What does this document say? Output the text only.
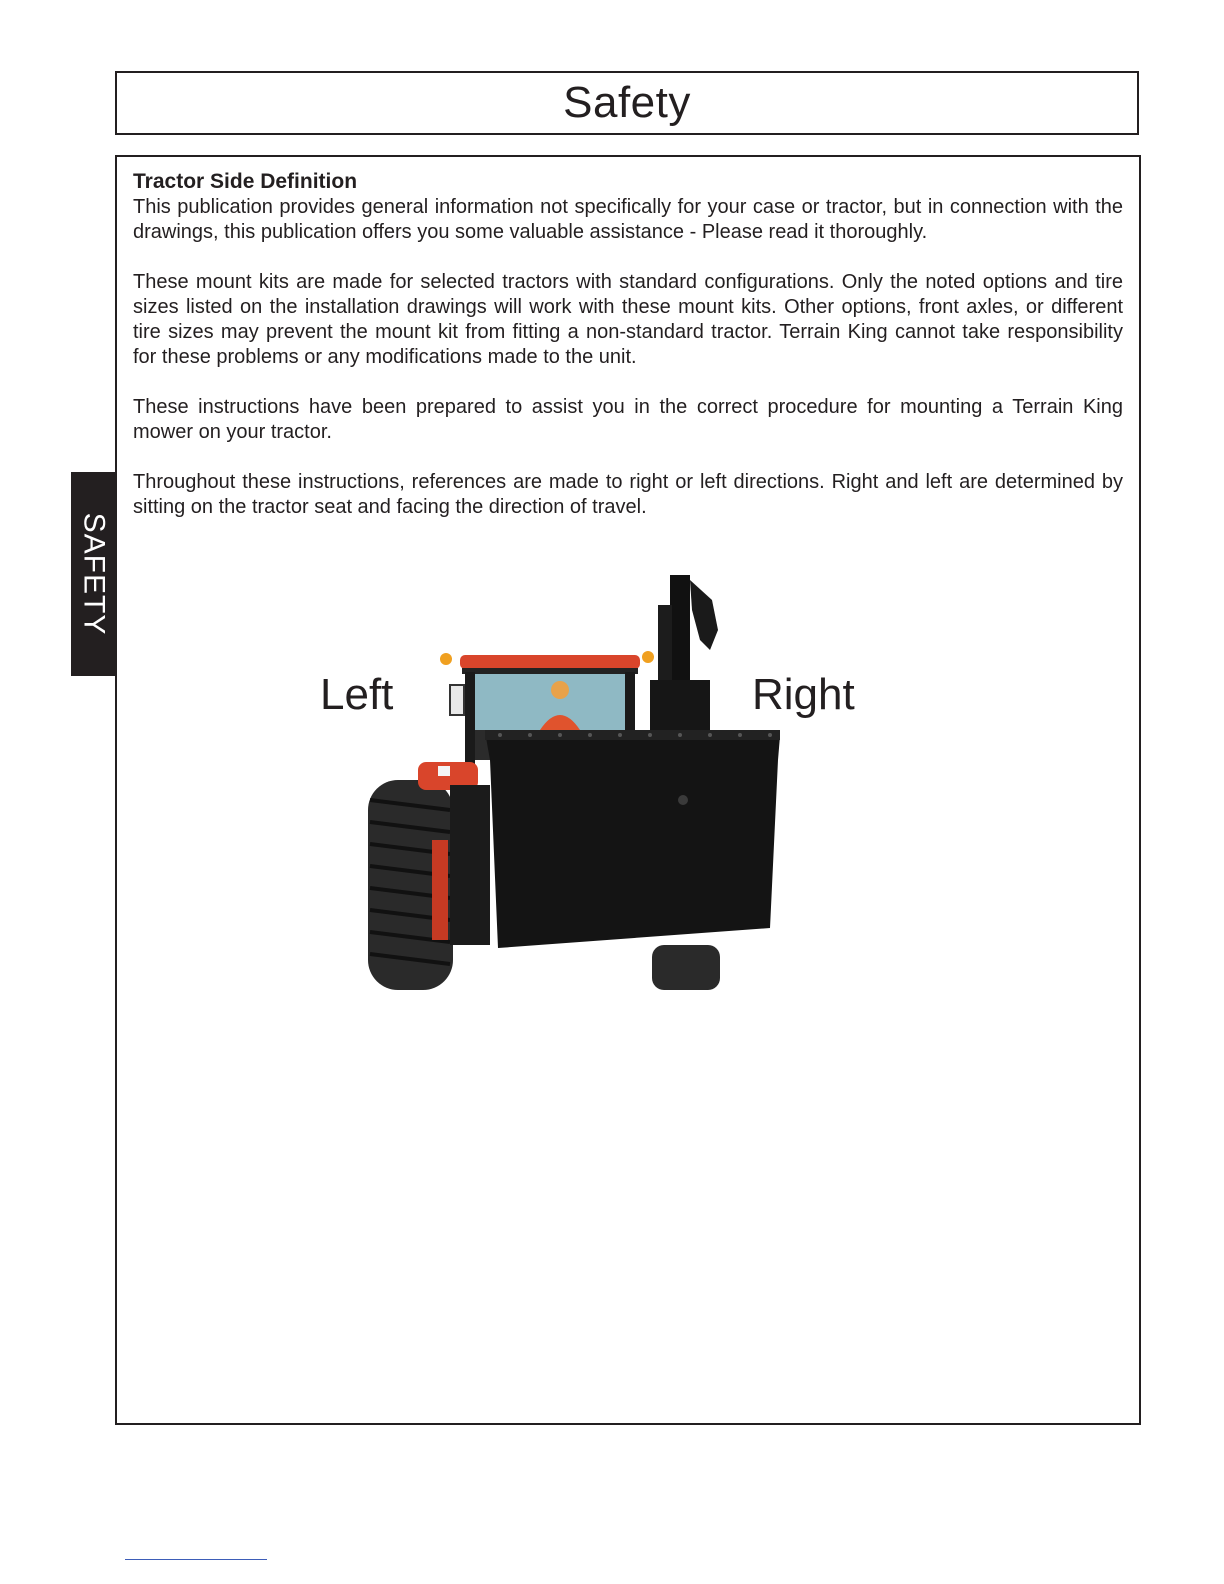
Safety
SAFETY

Tractor Side Definition

This publication provides general information not specifically for your case or tractor, but in connection with the drawings, this publication offers you some valuable assistance - Please read it thoroughly.

These mount kits are made for selected tractors with standard configurations. Only the noted options and tire sizes listed on the installation drawings will work with these mount kits. Other options, front axles, or different tire sizes may prevent the mount kit from fitting a non-standard tractor. Terrain King cannot take responsibility for these problems or any modifications made to the unit.

These instructions have been prepared to assist you in the correct procedure for mounting a Terrain King mower on your tractor.

Throughout these instructions, references are made to right or left directions. Right and left are determined by sitting on the tractor seat and facing the direction of travel.

Left	Right
